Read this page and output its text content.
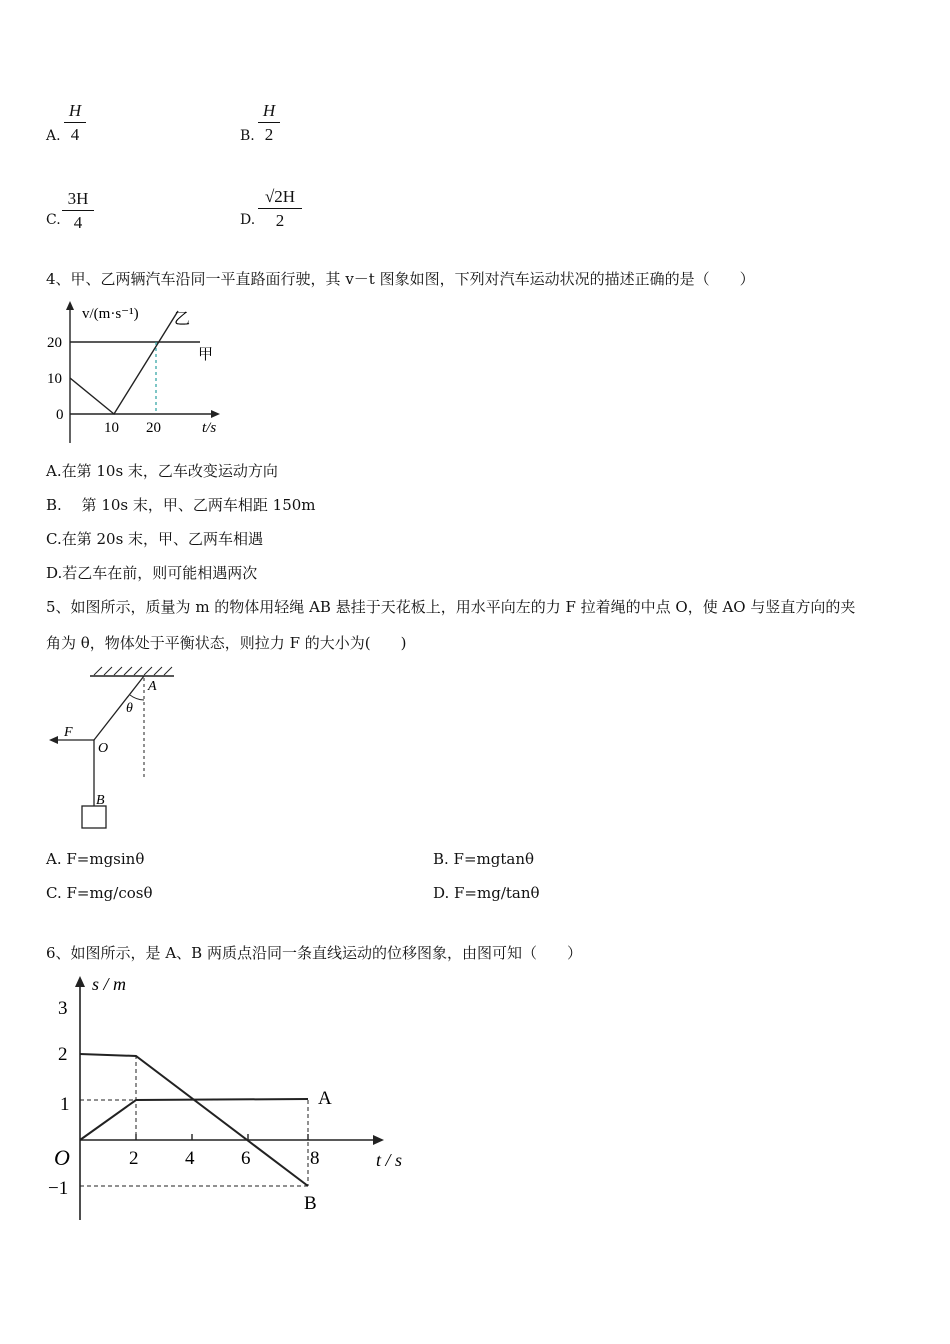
A. $\frac{H}{4}$	B. $\frac{H}{2}$
C. $\frac{3H}{4}$	D. $\frac{√2H}{2}$
4、甲、乙两辆汽车沿同一平直路面行驶，其 v－t 图象如图，下列对汽车运动状况的描述正确的是（　　）
v/(m·s⁻¹)
20
10
0
10 20	t/s
甲
乙
A.在第 10s 末，乙车改变运动方向
B.　 第 10s 末，甲、乙两车相距 150m
C.在第 20s 末，甲、乙两车相遇
D.若乙车在前，则可能相遇两次
5、如图所示，质量为 m 的物体用轻绳 AB 悬挂于天花板上，用水平向左的力 F 拉着绳的中点 O，使 AO 与竖直方向的夹
角为 θ，物体处于平衡状态，则拉力 F 的大小为(　　)
A
θ
F
O
B
A. F=mgsinθ	B. F=mgtanθ
C. F=mg/cosθ	D. F=mg/tanθ
6、如图所示，是 A、B 两质点沿同一条直线运动的位移图象，由图可知（　　）
s / m
3
2
1
−1
O	2 4 6	8	t / s
A
B
